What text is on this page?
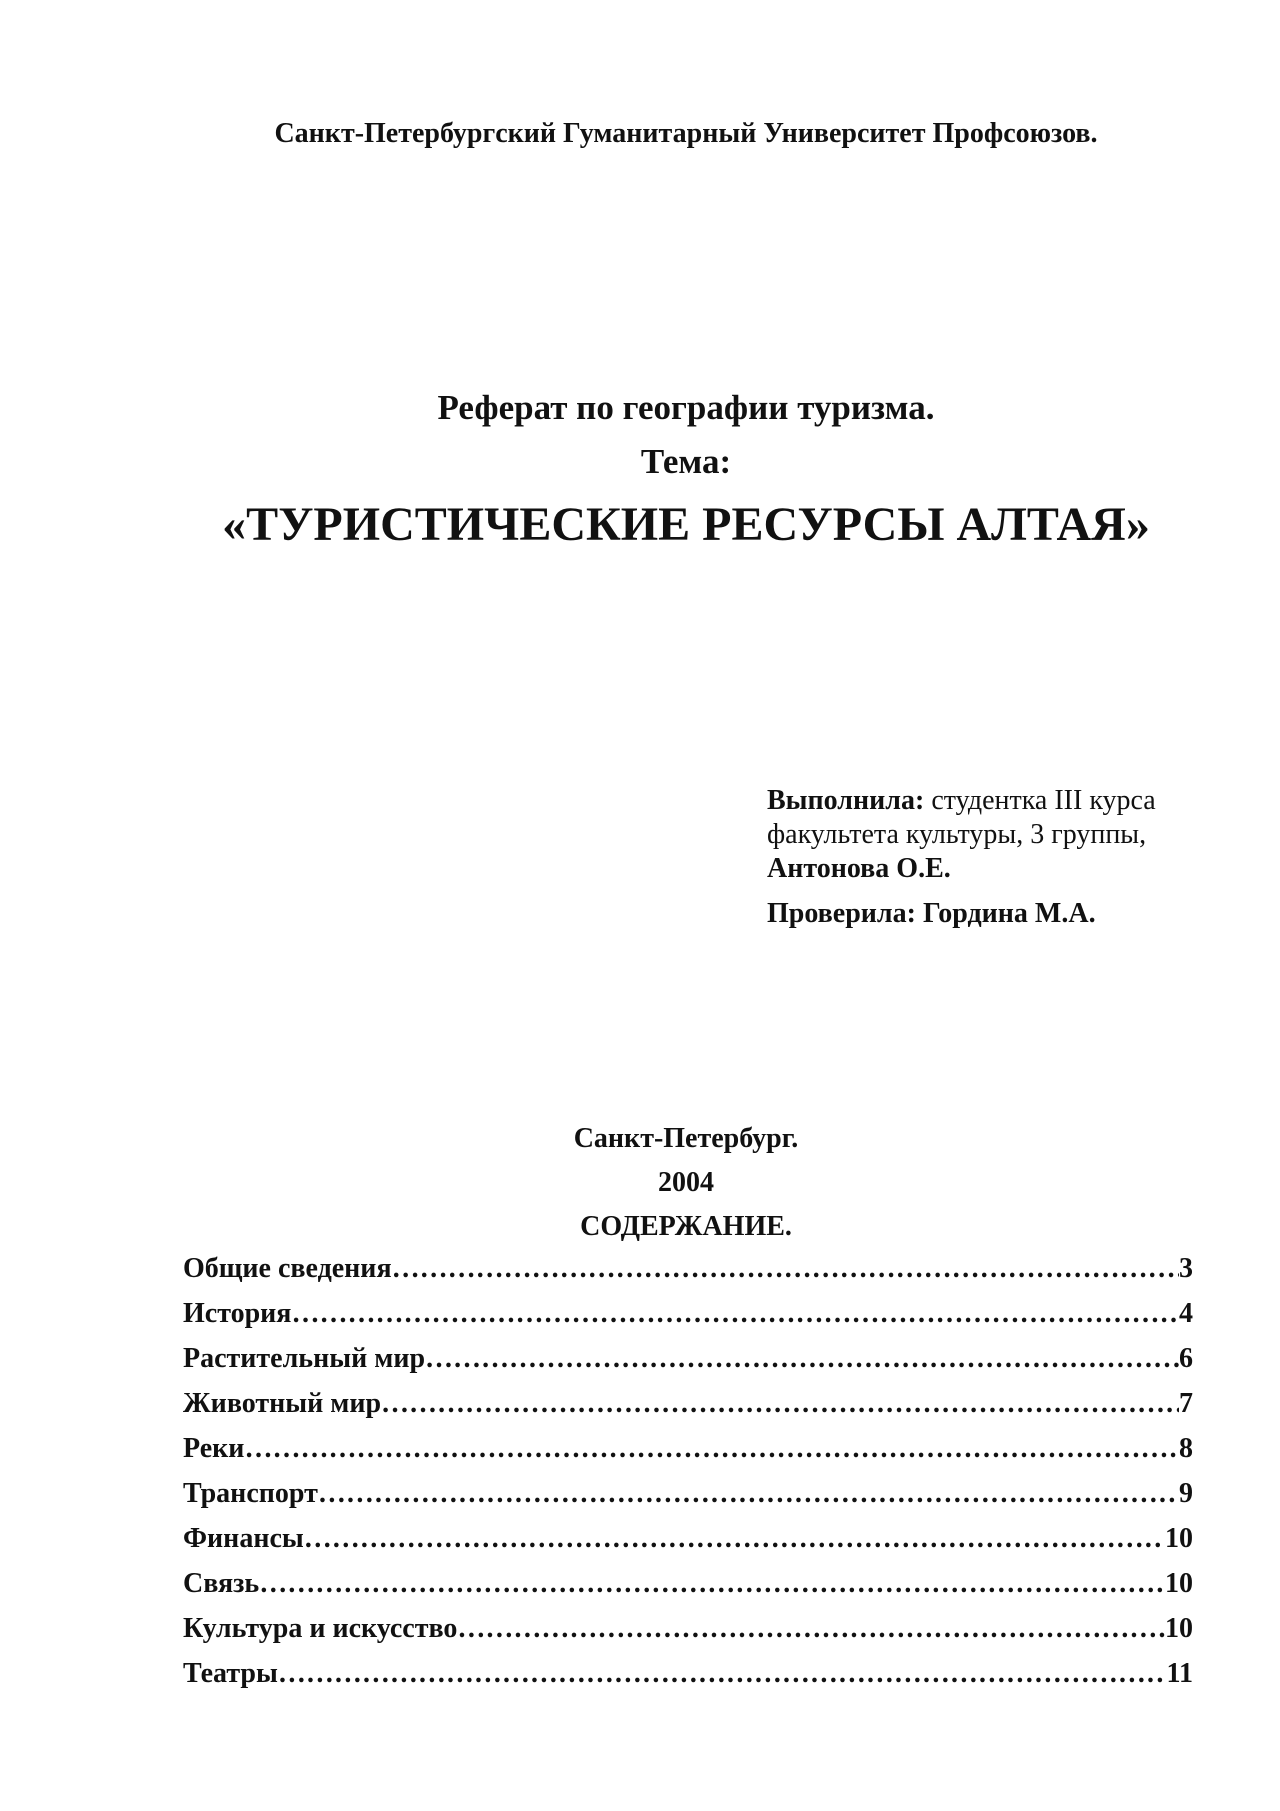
Санкт-Петербургский Гуманитарный Университет Профсоюзов.
Реферат по географии туризма.
Тема:
«ТУРИСТИЧЕСКИЕ РЕСУРСЫ АЛТАЯ»
Выполнила: студентка III курса
факультета культуры, 3 группы,
Антонова О.Е.
Проверила: Гордина М.А.
Санкт-Петербург.
2004
СОДЕРЖАНИЕ.
Общие сведения ……………………………………………………………………………………………………………………………………………………………………	3
История ……………………………………………………………………………………………………………………………………………………………………	4
Растительный мир ……………………………………………………………………………………………………………………………………………………………………	6
Животный мир ……………………………………………………………………………………………………………………………………………………………………	7
Реки ……………………………………………………………………………………………………………………………………………………………………	8
Транспорт ……………………………………………………………………………………………………………………………………………………………………	9
Финансы ……………………………………………………………………………………………………………………………………………………………………	10
Связь ……………………………………………………………………………………………………………………………………………………………………	10
Культура и искусство ……………………………………………………………………………………………………………………………………………………………………	10
Театры ……………………………………………………………………………………………………………………………………………………………………	11
